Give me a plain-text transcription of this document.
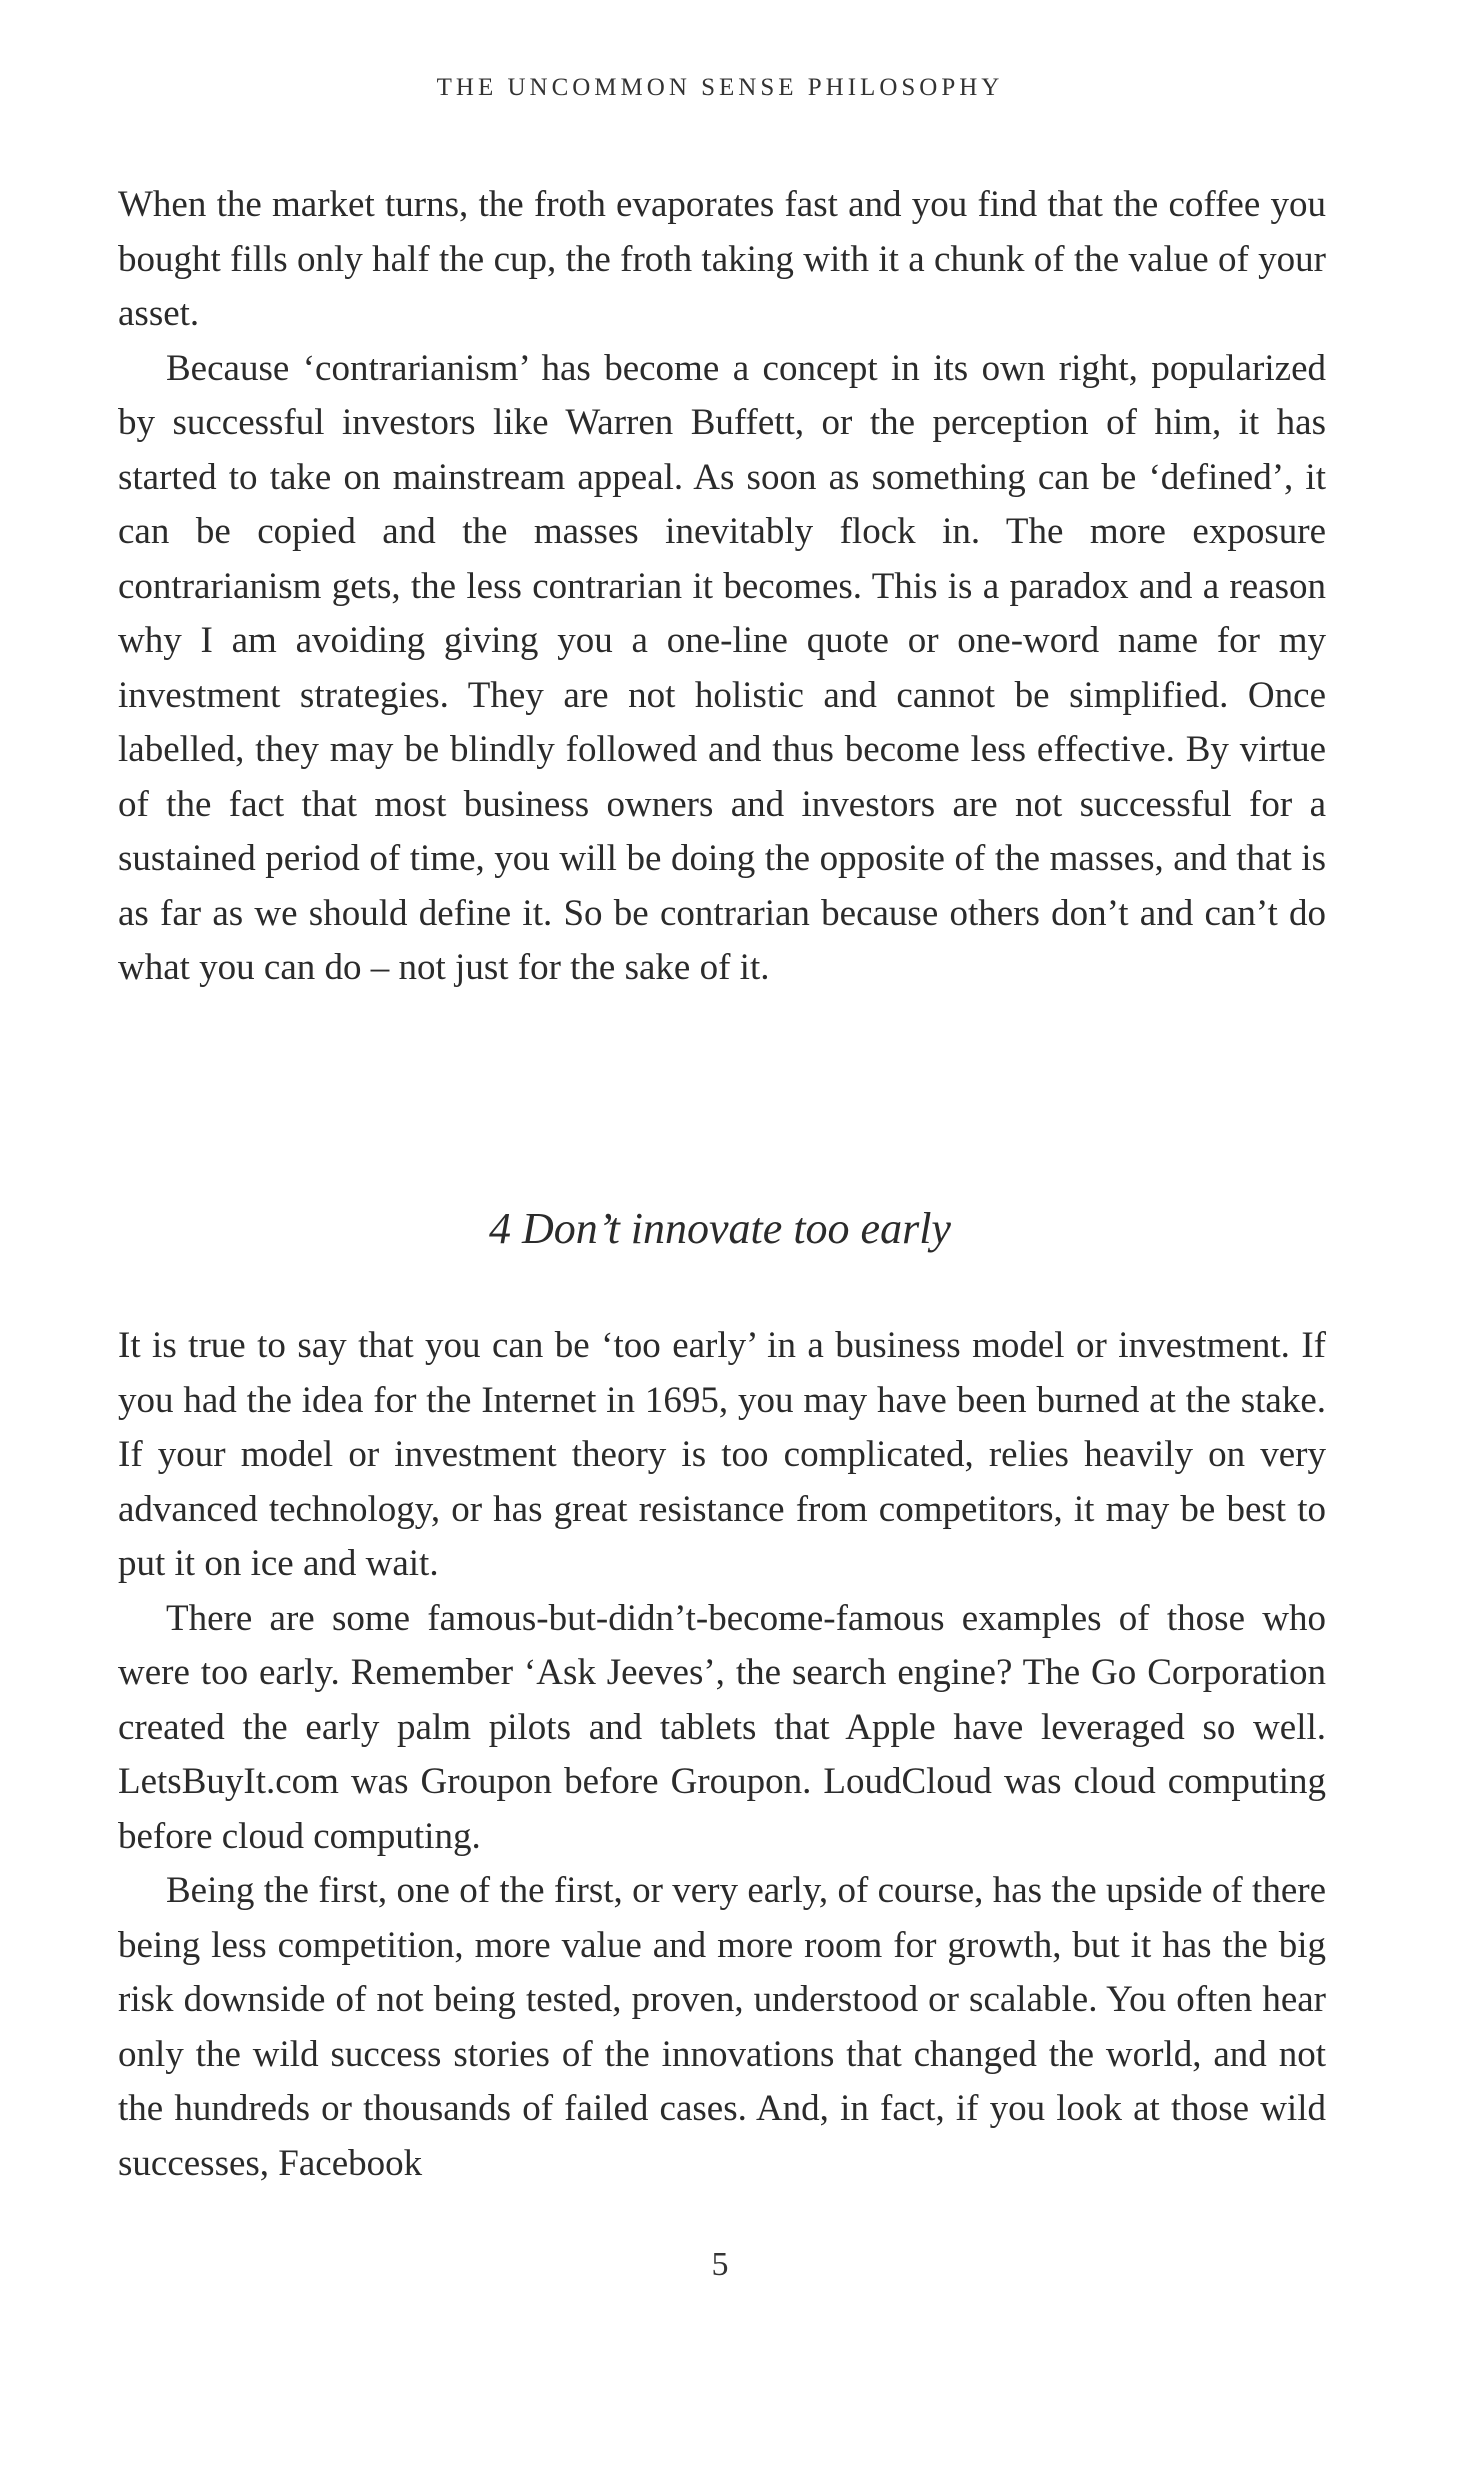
THE UNCOMMON SENSE PHILOSOPHY

When the market turns, the froth evaporates fast and you find that the coffee you bought fills only half the cup, the froth taking with it a chunk of the value of your asset.

Because ‘contrarianism’ has become a concept in its own right, popularized by successful investors like Warren Buffett, or the perception of him, it has started to take on mainstream appeal. As soon as something can be ‘defined’, it can be copied and the masses inevitably flock in. The more exposure contrarianism gets, the less contrarian it becomes. This is a paradox and a reason why I am avoiding giving you a one-line quote or one-word name for my investment strategies. They are not holistic and cannot be simplified. Once labelled, they may be blindly followed and thus become less effective. By virtue of the fact that most business owners and investors are not successful for a sustained period of time, you will be doing the opposite of the masses, and that is as far as we should define it. So be contrarian because others don’t and can’t do what you can do – not just for the sake of it.

4 Don’t innovate too early

It is true to say that you can be ‘too early’ in a business model or investment. If you had the idea for the Internet in 1695, you may have been burned at the stake. If your model or investment theory is too complicated, relies heavily on very advanced technology, or has great resistance from competitors, it may be best to put it on ice and wait.

There are some famous-but-didn’t-become-famous examples of those who were too early. Remember ‘Ask Jeeves’, the search engine? The Go Corporation created the early palm pilots and tablets that Apple have leveraged so well. LetsBuyIt.com was Groupon before Groupon. LoudCloud was cloud computing before cloud computing.

Being the first, one of the first, or very early, of course, has the upside of there being less competition, more value and more room for growth, but it has the big risk downside of not being tested, proven, understood or scalable. You often hear only the wild success stories of the innovations that changed the world, and not the hundreds or thousands of failed cases. And, in fact, if you look at those wild successes, Facebook

5
